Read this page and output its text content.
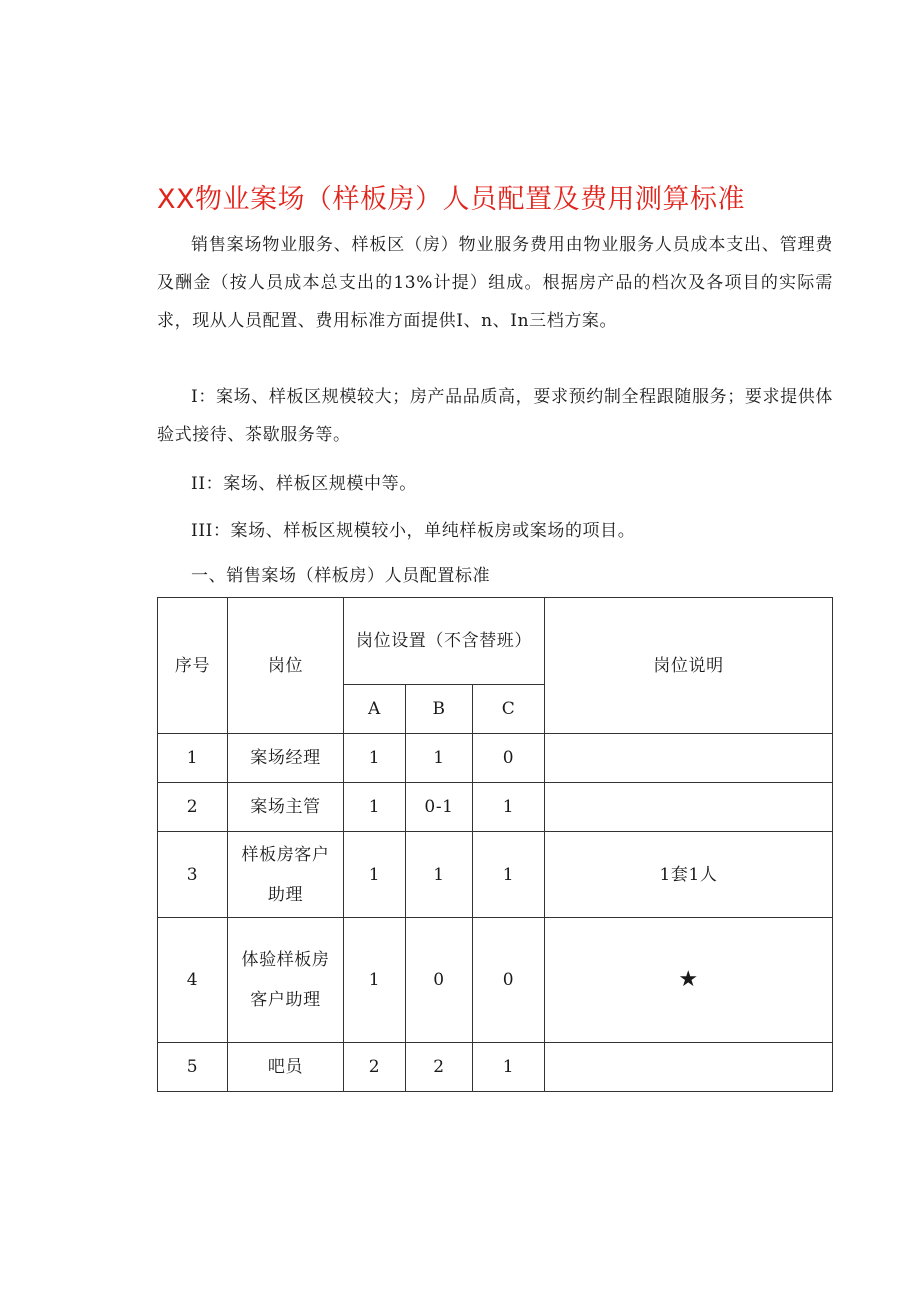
XX物业案场（样板房）人员配置及费用测算标准

销售案场物业服务、样板区（房）物业服务费用由物业服务人员成本支出、管理费及酬金（按人员成本总支出的13%计提）组成。根据房产品的档次及各项目的实际需求，现从人员配置、费用标准方面提供I、n、In三档方案。

I：案场、样板区规模较大；房产品品质高，要求预约制全程跟随服务；要求提供体验式接待、茶歇服务等。

II：案场、样板区规模中等。

III：案场、样板区规模较小，单纯样板房或案场的项目。

一、销售案场（样板房）人员配置标准

序号	岗位	岗位设置（不含替班）			岗位说明
		A	B	C	
1	案场经理	1	1	0	
2	案场主管	1	0-1	1	
3	样板房客户助理	1	1	1	1套1人
4	体验样板房客户助理	1	0	0	★
5	吧员	2	2	1	
